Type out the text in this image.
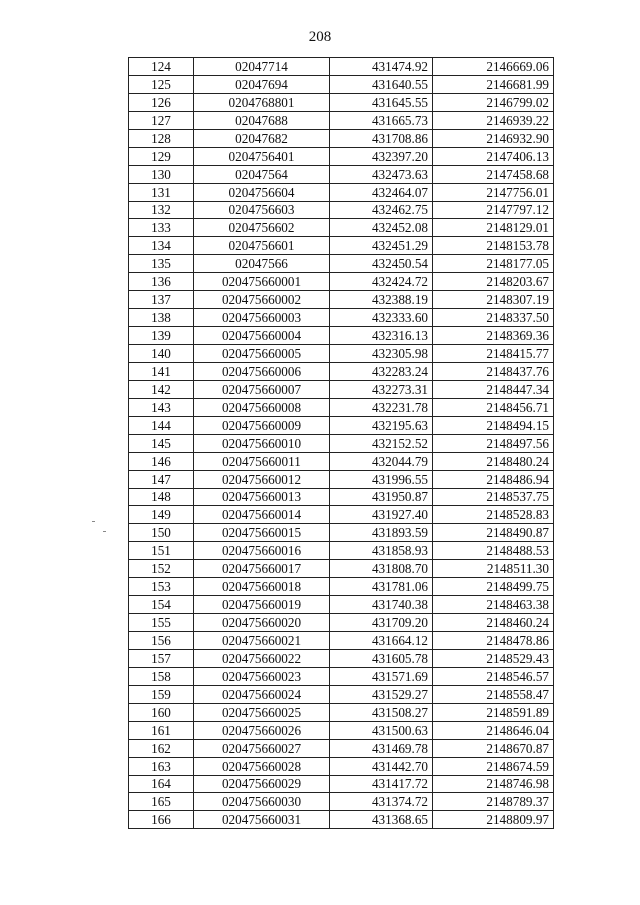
208
124	02047714	431474.92	2146669.06
125	02047694	431640.55	2146681.99
126	0204768801	431645.55	2146799.02
127	02047688	431665.73	2146939.22
128	02047682	431708.86	2146932.90
129	0204756401	432397.20	2147406.13
130	02047564	432473.63	2147458.68
131	0204756604	432464.07	2147756.01
132	0204756603	432462.75	2147797.12
133	0204756602	432452.08	2148129.01
134	0204756601	432451.29	2148153.78
135	02047566	432450.54	2148177.05
136	020475660001	432424.72	2148203.67
137	020475660002	432388.19	2148307.19
138	020475660003	432333.60	2148337.50
139	020475660004	432316.13	2148369.36
140	020475660005	432305.98	2148415.77
141	020475660006	432283.24	2148437.76
142	020475660007	432273.31	2148447.34
143	020475660008	432231.78	2148456.71
144	020475660009	432195.63	2148494.15
145	020475660010	432152.52	2148497.56
146	020475660011	432044.79	2148480.24
147	020475660012	431996.55	2148486.94
148	020475660013	431950.87	2148537.75
149	020475660014	431927.40	2148528.83
150	020475660015	431893.59	2148490.87
151	020475660016	431858.93	2148488.53
152	020475660017	431808.70	2148511.30
153	020475660018	431781.06	2148499.75
154	020475660019	431740.38	2148463.38
155	020475660020	431709.20	2148460.24
156	020475660021	431664.12	2148478.86
157	020475660022	431605.78	2148529.43
158	020475660023	431571.69	2148546.57
159	020475660024	431529.27	2148558.47
160	020475660025	431508.27	2148591.89
161	020475660026	431500.63	2148646.04
162	020475660027	431469.78	2148670.87
163	020475660028	431442.70	2148674.59
164	020475660029	431417.72	2148746.98
165	020475660030	431374.72	2148789.37
166	020475660031	431368.65	2148809.97
